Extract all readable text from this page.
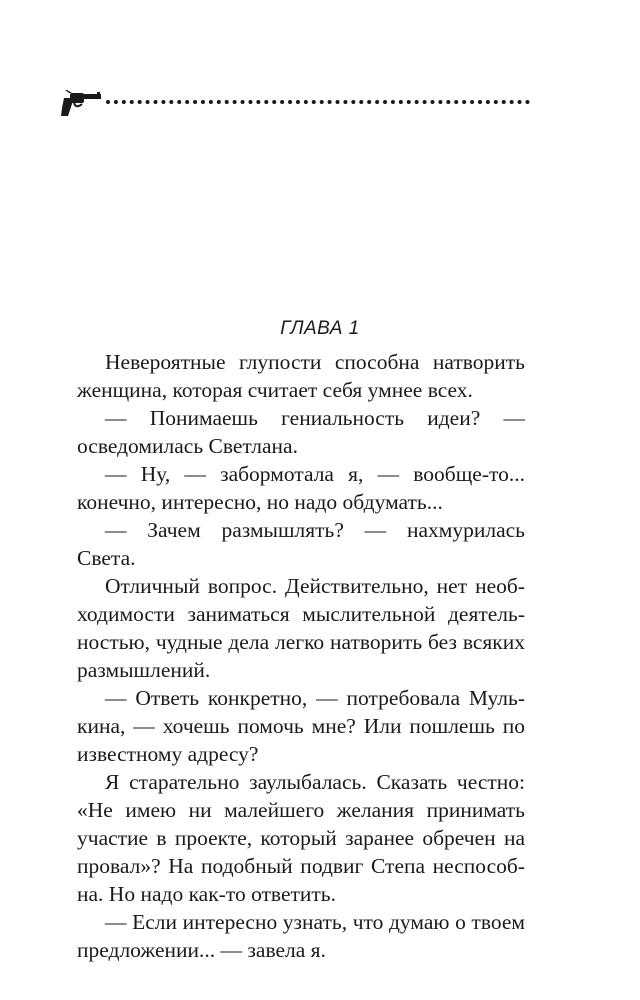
ГЛАВА 1

Невероятные глупости способна натворить женщина, которая считает себя умнее всех.

— Понимаешь гениальность идеи? — осведомилась Светлана.

— Ну, — забормотала я, — вообще-то... конечно, интересно, но надо обдумать...

— Зачем размышлять? — нахмурилась Света.

Отличный вопрос. Действительно, нет необходимости заниматься мыслительной деятельностью, чудные дела легко натворить без всяких размышлений.

— Ответь конкретно, — потребовала Мулькина, — хочешь помочь мне? Или пошлешь по известному адресу?

Я старательно заулыбалась. Сказать честно: «Не имею ни малейшего желания принимать участие в проекте, который заранее обречен на провал»? На подобный подвиг Степа неспособна. Но надо как-то ответить.

— Если интересно узнать, что думаю о твоем предложении... — завела я.
